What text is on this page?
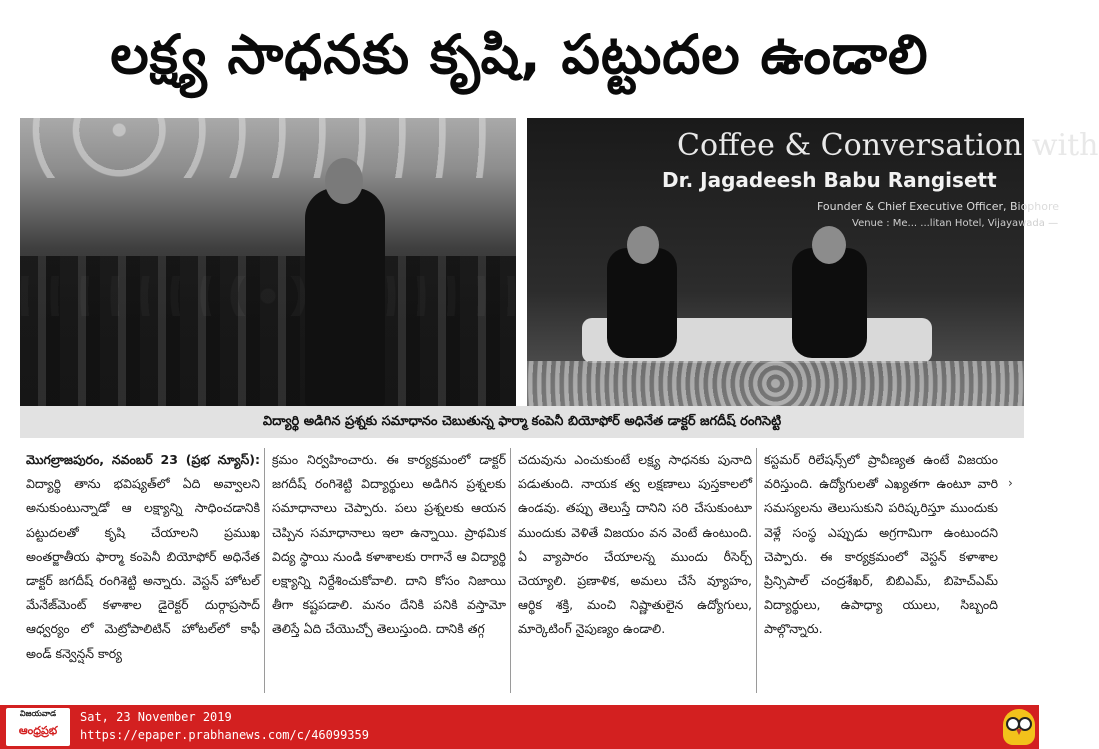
లక్ష్య సాధనకు కృషి, పట్టుదల ఉండాలి
Coffee & Conversation with
Dr. Jagadeesh Babu Rangisett
Founder & Chief Executive Officer, Biophore
Venue : Me... ...litan Hotel, Vijayawada —
విద్యార్థి అడిగిన ప్రశ్నకు సమాధానం చెబుతున్న ఫార్మా కంపెనీ బియోఫోర్ అధినేత డాక్టర్ జగదీష్ రంగిసెట్టి

మొగల్రాజపురం, నవంబర్ 23 (ప్రభ న్యూస్): విద్యార్థి తాను భవిష్యత్‌లో ఏది అవ్వాలని అనుకుంటున్నాడో ఆ లక్ష్యాన్ని సాధించడానికి పట్టుదలతో కృషి చేయాలని ప్రముఖ అంతర్జాతీయ ఫార్మా కంపెనీ బియోఫోర్ అధినేత డాక్టర్ జగదీష్ రంగిశెట్టి అన్నారు. వెస్టన్ హోటల్ మేనేజ్‌మెంట్ కళాశాల డైరెక్టర్ దుర్గాప్రసాద్ ఆధ్వర్యం లో మెట్రోపాలిటిన్ హోటల్‌లో కాఫీ అండ్ కన్వెన్షన్ కార్య

క్రమం నిర్వహించారు. ఈ కార్యక్రమంలో డాక్టర్ జగదీష్ రంగిశెట్టి విద్యార్థులు అడిగిన ప్రశ్నలకు సమాధానాలు చెప్పారు. పలు ప్రశ్నలకు ఆయన చెప్పిన సమాధానాలు ఇలా ఉన్నాయి. ప్రాథమిక విద్య స్థాయి నుండి కళాశాలకు రాగానే ఆ విద్యార్థి లక్ష్యాన్ని నిర్దేశించుకోవాలి. దాని కోసం నిజాయి తీగా కష్టపడాలి. మనం దేనికి పనికి వస్తామో తెలిస్తే ఏది చేయొచ్చో తెలుస్తుంది. దానికి తగ్గ

చదువును ఎంచుకుంటే లక్ష్య సాధనకు పునాది పడుతుంది. నాయక త్వ లక్షణాలు పుస్తకాలలో ఉండవు. తప్పు తెలుస్తే దానిని సరి చేసుకుంటూ ముందుకు వెళితే విజయం వన వెంటే ఉంటుంది. ఏ వ్యాపారం చేయాలన్న ముందు రీసెర్చ్ చెయ్యాలి. ప్రణాళిక, అమలు చేసే వ్యూహం, ఆర్థిక శక్తి, మంచి నిష్ణాతులైన ఉద్యోగులు, మార్కెటింగ్ నైపుణ్యం ఉండాలి.

కస్టమర్ రిలేషన్స్‌లో ప్రావీణ్యత ఉంటే విజయం వరిస్తుంది. ఉద్యోగులతో ఎఖ్యతగా ఉంటూ వారి సమస్యలను తెలుసుకుని పరిష్కరిస్తూ ముందుకు వెళ్లే సంస్థ ఎప్పుడు అగ్రగామిగా ఉంటుందని చెప్పారు. ఈ కార్యక్రమంలో వెస్టన్ కళాశాల ప్రిన్సిపాల్ చంద్రశేఖర్, బిబిఎమ్, బిహెచ్ఎమ్ విద్యార్థులు, ఉపాధ్యా యులు, సిబ్బంది పాల్గొన్నారు.

›
విజయవాడ
ఆంధ్రప్రభ
Sat, 23 November 2019
https://epaper.prabhanews.com/c/46099359
